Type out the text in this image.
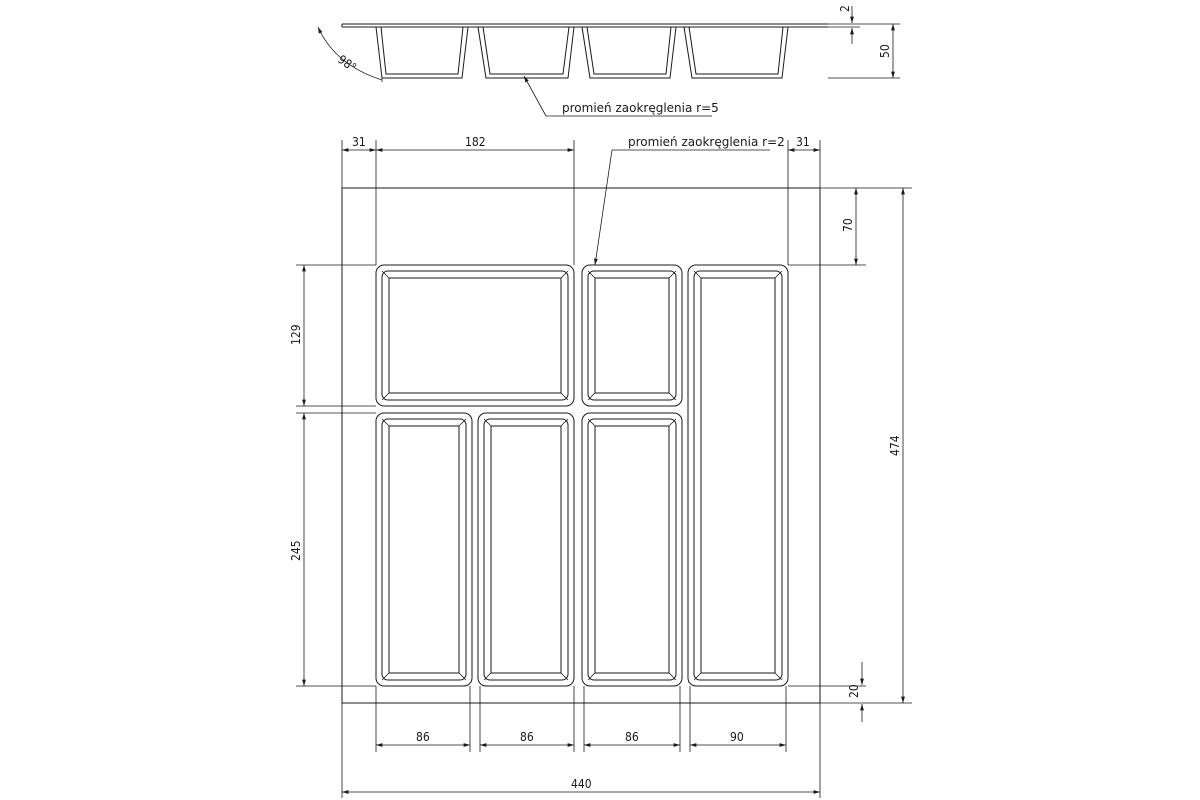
98°
2
50
promień zaokręglenia r=5
promień zaokręglenia r=2
31	182	31
70
474
20
129
245
86	86	86	90
440
